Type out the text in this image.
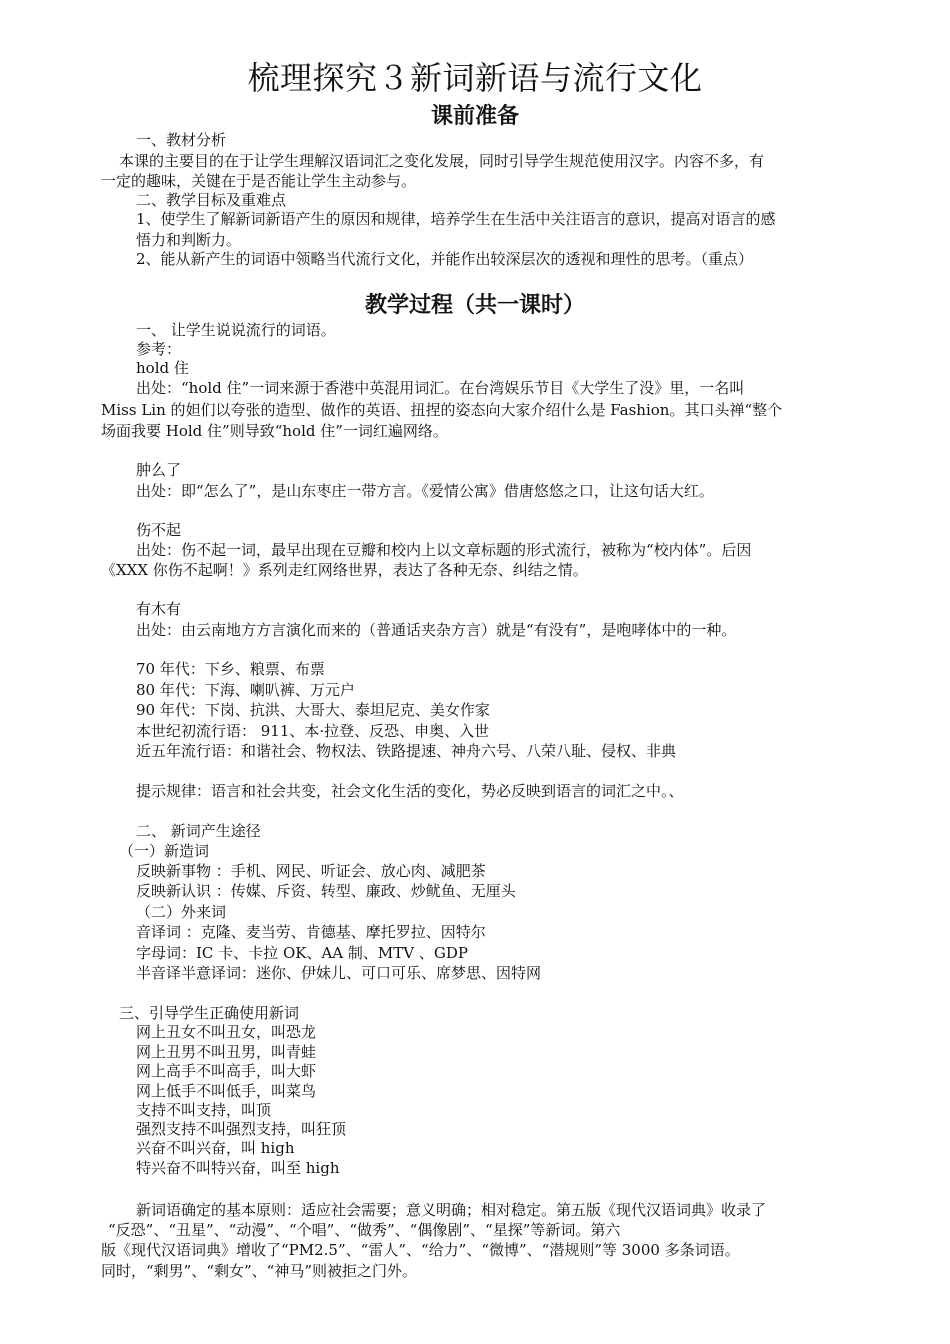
梳理探究３新词新语与流行文化
课前准备
一、教材分析
本课的主要目的在于让学生理解汉语词汇之变化发展，同时引导学生规范使用汉字。内容不多，有
一定的趣味，关键在于是否能让学生主动参与。
二、教学目标及重难点
1、使学生了解新词新语产生的原因和规律，培养学生在生活中关注语言的意识，提高对语言的感
悟力和判断力。
2、能从新产生的词语中领略当代流行文化，并能作出较深层次的透视和理性的思考。（重点）
教学过程（共一课时）
一、 让学生说说流行的词语。
参考：
hold 住
出处：“hold 住”一词来源于香港中英混用词汇。在台湾娱乐节目《大学生了没》里，一名叫
Miss Lin 的妲们以夸张的造型、做作的英语、扭捏的姿态向大家介绍什么是 Fashion。其口头禅“整个
场面我要 Hold 住”则导致“hold 住”一词红遍网络。
肿么了
出处：即“怎么了”，是山东枣庄一带方言。《爱情公寓》借唐悠悠之口，让这句话大红。
伤不起
出处：伤不起一词，最早出现在豆瓣和校内上以文章标题的形式流行，被称为“校内体”。后因
《XXX 你伤不起啊！》系列走红网络世界，表达了各种无奈、纠结之情。
有木有
出处：由云南地方方言演化而来的（普通话夹杂方言）就是“有没有”，是咆哮体中的一种。
70 年代：下乡、粮票、布票
80 年代：下海、喇叭裤、万元户
90 年代：下岗、抗洪、大哥大、泰坦尼克、美女作家
本世纪初流行语： 911、本·拉登、反恐、申奥、入世
近五年流行语：和谐社会、物权法、铁路提速、神舟六号、八荣八耻、侵权、非典
提示规律：语言和社会共变，社会文化生活的变化，势必反映到语言的词汇之中。、
二、 新词产生途径
（一）新造词
反映新事物 ：手机、网民、听证会、放心肉、减肥茶
反映新认识 ：传媒、斥资、转型、廉政、炒鱿鱼、无厘头
（二）外来词
音译词 ：克隆、麦当劳、肯德基、摩托罗拉、因特尔
字母词：IC 卡、卡拉 OK、AA 制、MTV 、GDP
半音译半意译词：迷你、伊妹儿、可口可乐、席梦思、因特网
三、引导学生正确使用新词
网上丑女不叫丑女，叫恐龙
网上丑男不叫丑男，叫青蛙
网上高手不叫高手，叫大虾
网上低手不叫低手，叫菜鸟
支持不叫支持，叫顶
强烈支持不叫强烈支持，叫狂顶
兴奋不叫兴奋，叫 high
特兴奋不叫特兴奋，叫至 high
新词语确定的基本原则：适应社会需要；意义明确；相对稳定。第五版《现代汉语词典》收录了
“反恐”、“丑星”、“动漫”、“个唱”、“做秀”、“偶像剧”、“星探”等新词。第六
版《现代汉语词典》增收了“PM2.5”、“雷人”、“给力”、“微博”、“潜规则”等 3000 多条词语。
同时，“剩男”、“剩女”、“神马”则被拒之门外。
